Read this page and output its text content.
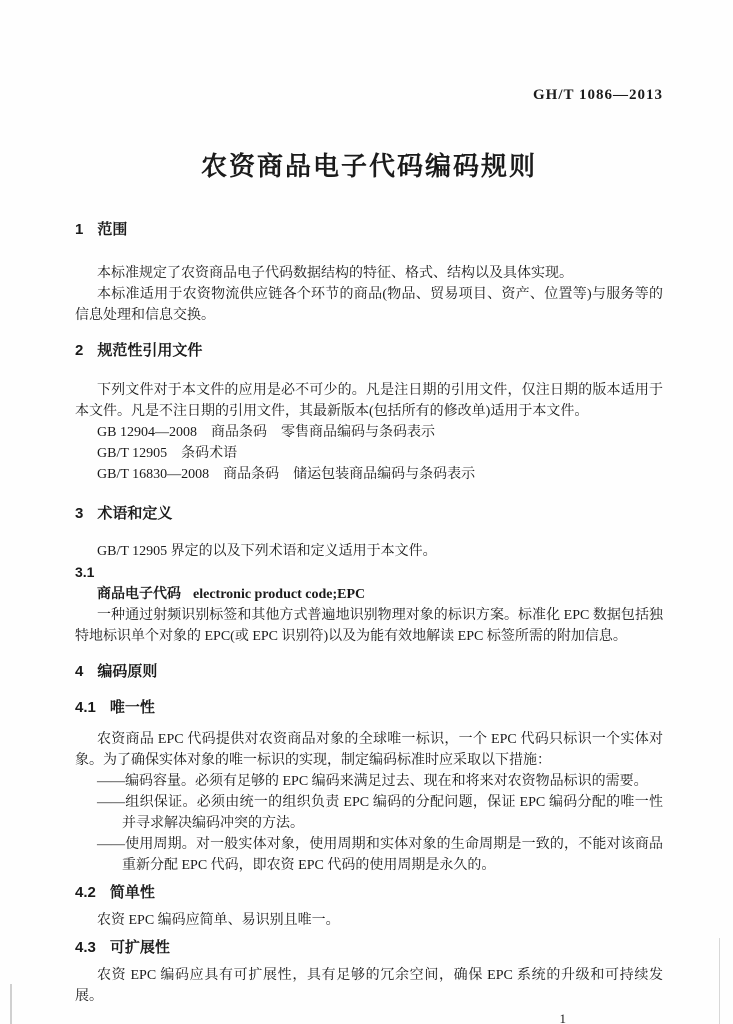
GH/T 1086—2013
农资商品电子代码编码规则
1 范围

本标准规定了农资商品电子代码数据结构的特征、格式、结构以及具体实现。

本标准适用于农资物流供应链各个环节的商品(物品、贸易项目、资产、位置等)与服务等的信息处理和信息交换。

2 规范性引用文件

下列文件对于本文件的应用是必不可少的。凡是注日期的引用文件，仅注日期的版本适用于本文件。凡是不注日期的引用文件，其最新版本(包括所有的修改单)适用于本文件。

GB 12904—2008　商品条码　零售商品编码与条码表示

GB/T 12905　条码术语

GB/T 16830—2008　商品条码　储运包装商品编码与条码表示

3 术语和定义

GB/T 12905 界定的以及下列术语和定义适用于本文件。

3.1
商品电子代码 electronic product code;EPC

一种通过射频识别标签和其他方式普遍地识别物理对象的标识方案。标准化 EPC 数据包括独特地标识单个对象的 EPC(或 EPC 识别符)以及为能有效地解读 EPC 标签所需的附加信息。

4 编码原则
4.1 唯一性

农资商品 EPC 代码提供对农资商品对象的全球唯一标识，一个 EPC 代码只标识一个实体对象。为了确保实体对象的唯一标识的实现，制定编码标准时应采取以下措施：

——编码容量。必须有足够的 EPC 编码来满足过去、现在和将来对农资物品标识的需要。

——组织保证。必须由统一的组织负责 EPC 编码的分配问题，保证 EPC 编码分配的唯一性并寻求解决编码冲突的方法。

——使用周期。对一般实体对象，使用周期和实体对象的生命周期是一致的，不能对该商品重新分配 EPC 代码，即农资 EPC 代码的使用周期是永久的。

4.2 简单性

农资 EPC 编码应简单、易识别且唯一。

4.3 可扩展性

农资 EPC 编码应具有可扩展性，具有足够的冗余空间，确保 EPC 系统的升级和可持续发展。

1
